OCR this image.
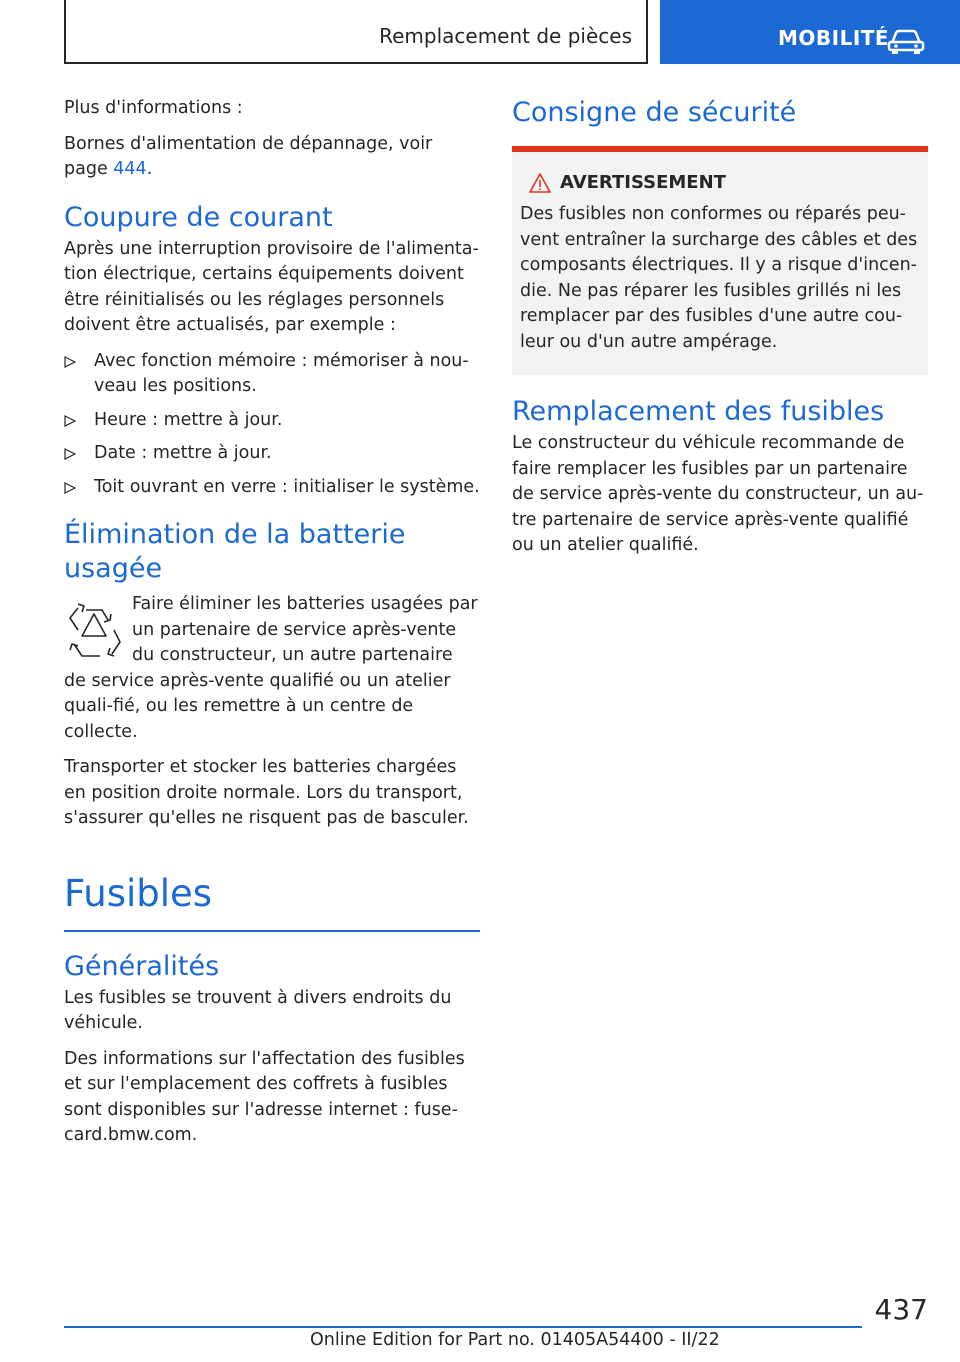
Remplacement de pièces	MOBILITÉ

Plus d'informations :

Bornes d'alimentation de dépannage, voir page 444.

Coupure de courant

Après une interruption provisoire de l'alimenta-tion électrique, certains équipements doivent être réinitialisés ou les réglages personnels doivent être actualisés, par exemple :

Avec fonction mémoire : mémoriser à nou-veau les positions.
Heure : mettre à jour.
Date : mettre à jour.
Toit ouvrant en verre : initialiser le système.
Élimination de la batterie usagée

Faire éliminer les batteries usagées par un partenaire de service après-vente du constructeur, un autre partenaire de service après-vente qualifié ou un atelier quali-fié, ou les remettre à un centre de collecte.

Transporter et stocker les batteries chargées en position droite normale. Lors du transport, s'assurer qu'elles ne risquent pas de basculer.

Fusibles
Généralités

Les fusibles se trouvent à divers endroits du véhicule.

Des informations sur l'affectation des fusibles et sur l'emplacement des coffrets à fusibles sont disponibles sur l'adresse internet : fuse-card.bmw.com.

Consigne de sécurité
AVERTISSEMENT

Des fusibles non conformes ou réparés peu-vent entraîner la surcharge des câbles et des composants électriques. Il y a risque d'incen-die. Ne pas réparer les fusibles grillés ni les remplacer par des fusibles d'une autre cou-leur ou d'un autre ampérage.

Remplacement des fusibles

Le constructeur du véhicule recommande de faire remplacer les fusibles par un partenaire de service après-vente du constructeur, un au-tre partenaire de service après-vente qualifié ou un atelier qualifié.

437
Online Edition for Part no. 01405A54400 - II/22
